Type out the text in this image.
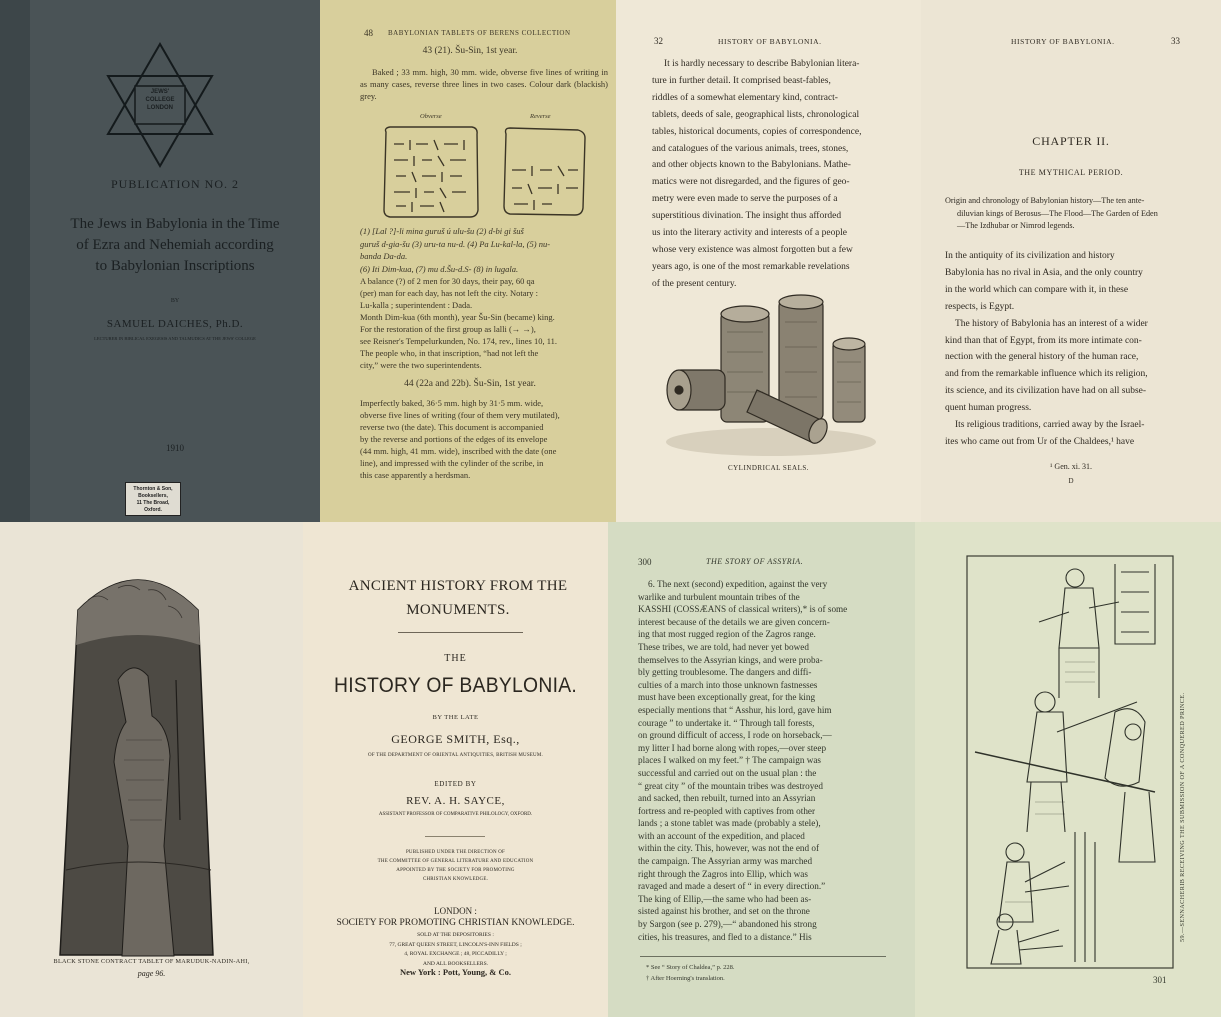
JEWS'
COLLEGE
LONDON
PUBLICATION NO. 2
The Jews in Babylonia in the Time
of Ezra and Nehemiah according
to Babylonian Inscriptions
BY
SAMUEL DAICHES, Ph.D.
LECTURER IN BIBLICAL EXEGESIS AND TALMUDICS AT THE JEWS' COLLEGE
1910
Thornton & Son,
Booksellers,
11 The Broad,
Oxford.
48 BABYLONIAN TABLETS OF BERENS COLLECTION
43 (21). Šu-Sin, 1st year.
Baked ; 33 mm. high, 30 mm. wide, obverse five lines of writing in as many cases, reverse three lines in two cases. Colour dark (blackish) grey.
Obverse	Reverse
(1) [Lal ?]-li mina guruš ú ulu-šu (2) d-bi gi šuš
guruš d-gia-šu (3) uru-ta nu-d. (4) Pa Lu-kal-la, (5) nu-
banda Da-da.
(6) Iti Dim-kua, (7) mu d.Šu-d.S- (8) in lugala.
A balance (?) of 2 men for 30 days, their pay, 60 qa
(per) man for each day, has not left the city. Notary :
Lu-kalla ; superintendent : Dada.
Month Dim-kua (6th month), year Šu-Sin (became) king.
For the restoration of the first group as lalli (→ →),
see Reisner's Tempelurkunden, No. 174, rev., lines 10, 11.
The people who, in that inscription, “had not left the
city,” were the two superintendents.
44 (22a and 22b). Šu-Sin, 1st year.
Imperfectly baked, 36·5 mm. high by 31·5 mm. wide,
obverse five lines of writing (four of them very mutilated),
reverse two (the date). This document is accompanied
by the reverse and portions of the edges of its envelope
(44 mm. high, 41 mm. wide), inscribed with the date (one
line), and impressed with the cylinder of the scribe, in
this case apparently a herdsman.
32	HISTORY OF BABYLONIA.
It is hardly necessary to describe Babylonian litera-
ture in further detail. It comprised beast-fables,
riddles of a somewhat elementary kind, contract-
tablets, deeds of sale, geographical lists, chronological
tables, historical documents, copies of correspondence,
and catalogues of the various animals, trees, stones,
and other objects known to the Babylonians. Mathe-
matics were not disregarded, and the figures of geo-
metry were even made to serve the purposes of a
superstitious divination. The insight thus afforded
us into the literary activity and interests of a people
whose very existence was almost forgotten but a few
years ago, is one of the most remarkable revelations
of the present century.
CYLINDRICAL SEALS.
HISTORY OF BABYLONIA.	33
CHAPTER II.
THE MYTHICAL PERIOD.
Origin and chronology of Babylonian history—The ten ante-
diluvian kings of Berosus—The Flood—The Garden of Eden
—The Izdhubar or Nimrod legends.
In the antiquity of its civilization and history
Babylonia has no rival in Asia, and the only country
in the world which can compare with it, in these
respects, is Egypt.
The history of Babylonia has an interest of a wider
kind than that of Egypt, from its more intimate con-
nection with the general history of the human race,
and from the remarkable influence which its religion,
its science, and its civilization have had on all subse-
quent human progress.
Its religious traditions, carried away by the Israel-
ites who came out from Ur of the Chaldees,¹ have
¹ Gen. xi. 31.
D
BLACK STONE CONTRACT TABLET OF MARUDUK-NADIN-AHI,
page 96.
ANCIENT HISTORY FROM THE MONUMENTS.
THE
HISTORY OF BABYLONIA.
BY THE LATE
GEORGE SMITH, Esq.,
OF THE DEPARTMENT OF ORIENTAL ANTIQUITIES, BRITISH MUSEUM.
EDITED BY
REV. A. H. SAYCE,
ASSISTANT PROFESSOR OF COMPARATIVE PHILOLOGY, OXFORD.
PUBLISHED UNDER THE DIRECTION OF
THE COMMITTEE OF GENERAL LITERATURE AND EDUCATION
APPOINTED BY THE SOCIETY FOR PROMOTING
CHRISTIAN KNOWLEDGE.
LONDON :
SOCIETY FOR PROMOTING CHRISTIAN KNOWLEDGE.
SOLD AT THE DEPOSITORIES :
77, GREAT QUEEN STREET, LINCOLN'S-INN FIELDS ;
4, ROYAL EXCHANGE ; 48, PICCADILLY ;
AND ALL BOOKSELLERS.
New York : Pott, Young, & Co.
300	THE STORY OF ASSYRIA.
6. The next (second) expedition, against the very
warlike and turbulent mountain tribes of the
KASSHI (COSSÆANS of classical writers),* is of some
interest because of the details we are given concern-
ing that most rugged region of the Zagros range.
These tribes, we are told, had never yet bowed
themselves to the Assyrian kings, and were proba-
bly getting troublesome. The dangers and diffi-
culties of a march into those unknown fastnesses
must have been exceptionally great, for the king
especially mentions that “ Asshur, his lord, gave him
courage ” to undertake it. “ Through tall forests,
on ground difficult of access, I rode on horseback,—
my litter I had borne along with ropes,—over steep
places I walked on my feet.” † The campaign was
successful and carried out on the usual plan : the
“ great city ” of the mountain tribes was destroyed
and sacked, then rebuilt, turned into an Assyrian
fortress and re-peopled with captives from other
lands ; a stone tablet was made (probably a stele),
with an account of the expedition, and placed
within the city. This, however, was not the end of
the campaign. The Assyrian army was marched
right through the Zagros into Ellip, which was
ravaged and made a desert of “ in every direction.”
The king of Ellip,—the same who had been as-
sisted against his brother, and set on the throne
by Sargon (see p. 279),—“ abandoned his strong
cities, his treasures, and fled to a distance.” His
* See “ Story of Chaldea,” p. 228.
† After Hoerning's translation.
59.—SENNACHERIB RECEIVING THE SUBMISSION OF A CONQUERED PRINCE.
301
